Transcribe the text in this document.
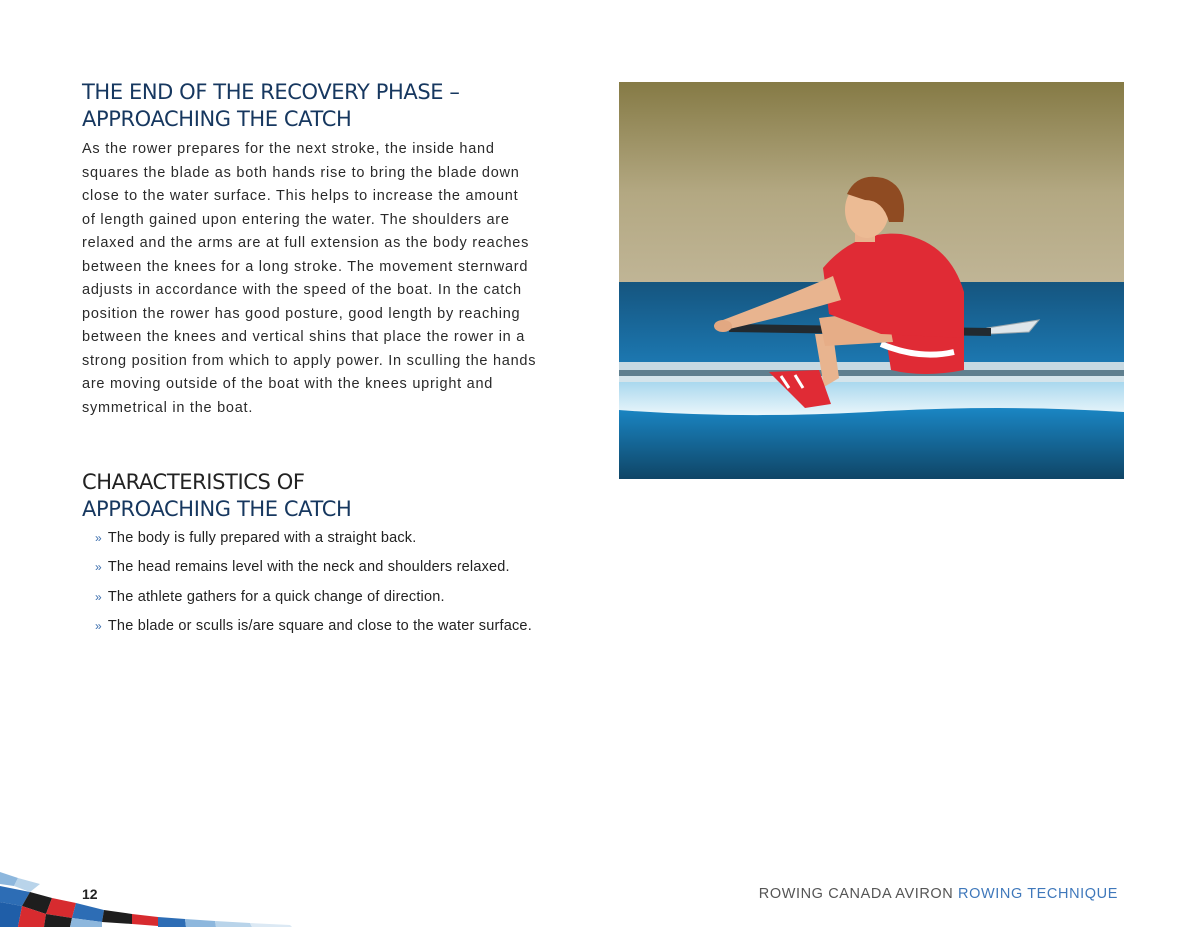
THE END OF THE RECOVERY PHASE –
APPROACHING THE CATCH

As the rower prepares for the next stroke, the inside hand
squares the blade as both hands rise to bring the blade down
close to the water surface. This helps to increase the amount
of length gained upon entering the water. The shoulders are
relaxed and the arms are at full extension as the body reaches
between the knees for a long stroke. The movement sternward
adjusts in accordance with the speed of the boat. In the catch
position the rower has good posture, good length by reaching
between the knees and vertical shins that place the rower in a
strong position from which to apply power. In sculling the hands
are moving outside of the boat with the knees upright and
symmetrical in the boat.

CHARACTERISTICS OF
APPROACHING THE CATCH
» The body is fully prepared with a straight back.
» The head remains level with the neck and shoulders relaxed.
» The athlete gathers for a quick change of direction.
» The blade or sculls is/are square and close to the water surface.
12	ROWING CANADA AVIRON ROWING TECHNIQUE
